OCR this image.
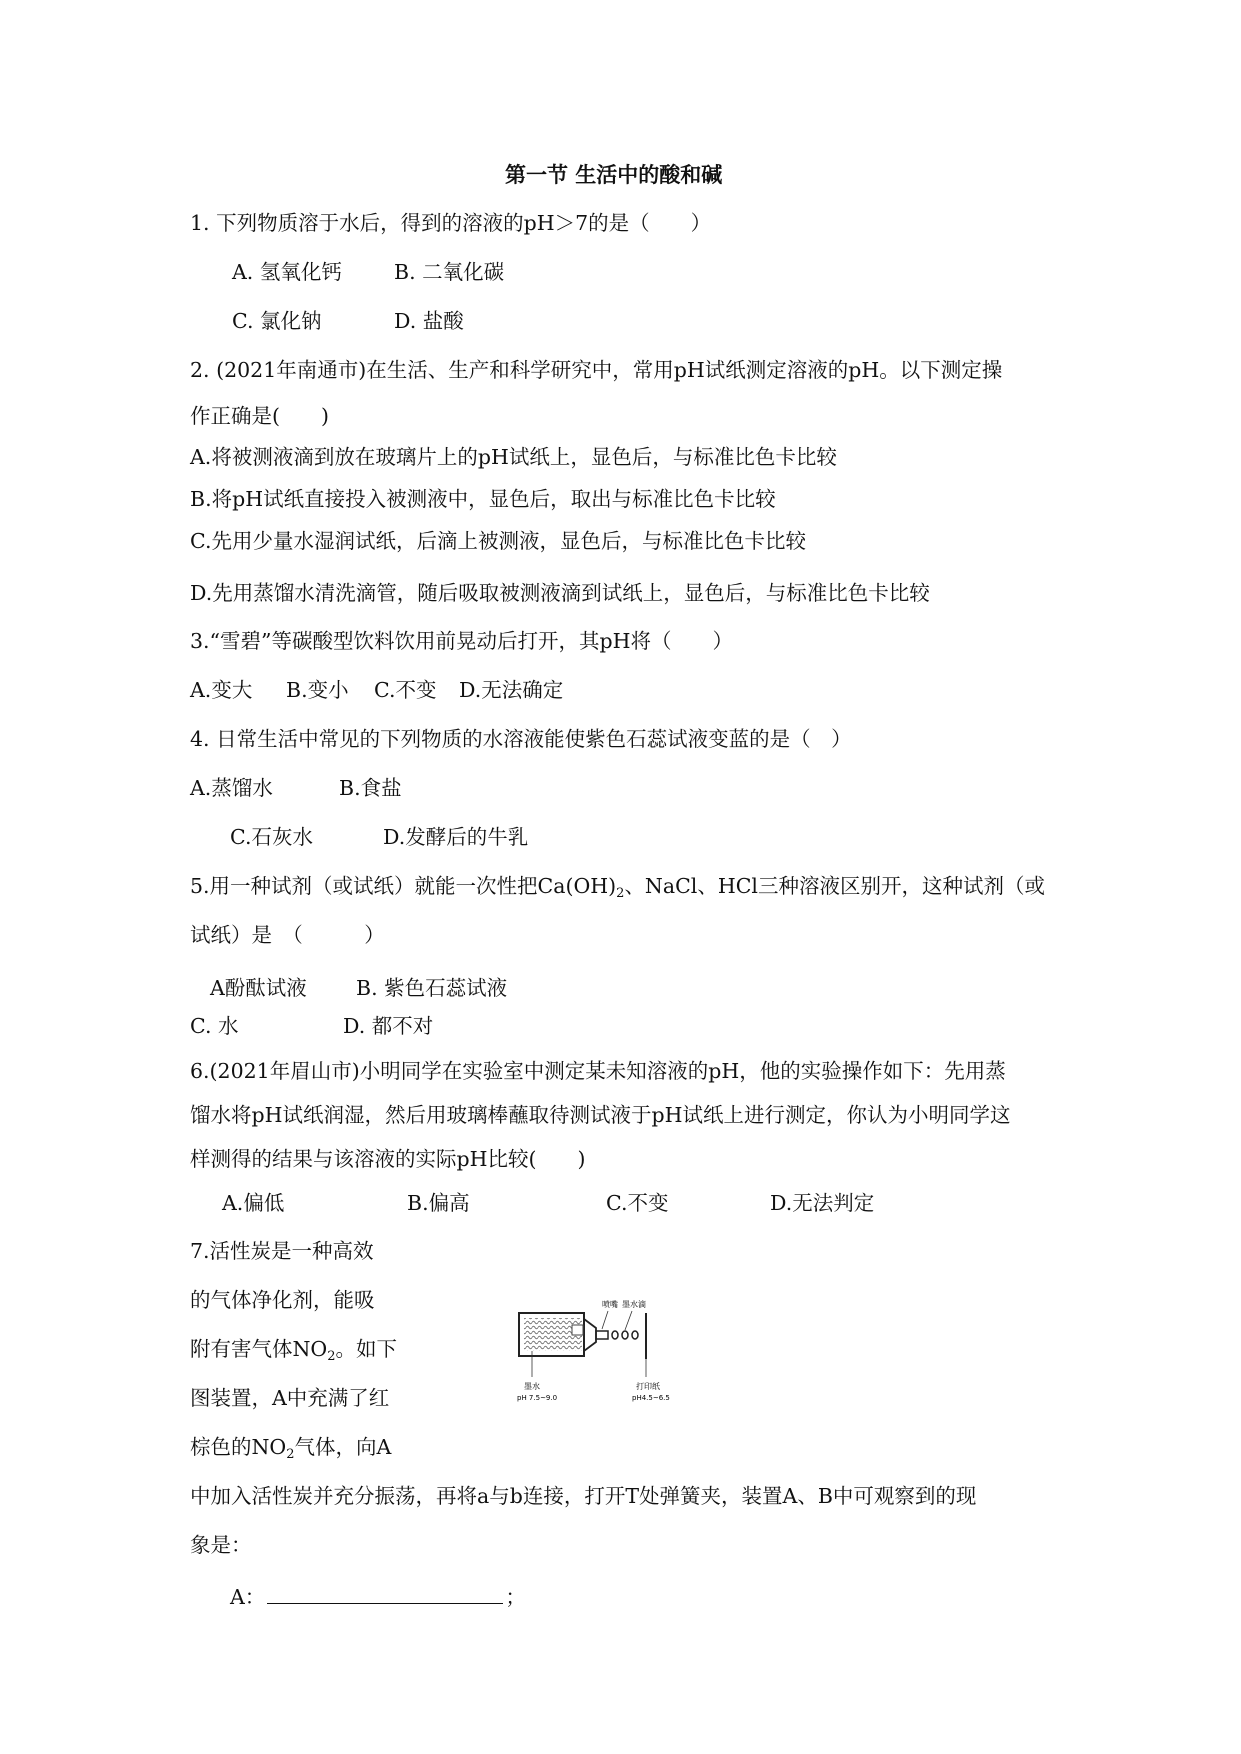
第一节 生活中的酸和碱
1. 下列物质溶于水后，得到的溶液的pH＞7的是（　　）
A. 氢氧化钙	B. 二氧化碳
C. 氯化钠	D. 盐酸
2. (2021年南通市)在生活、生产和科学研究中，常用pH试纸测定溶液的pH。以下测定操
作正确是(　　)
A.将被测液滴到放在玻璃片上的pH试纸上，显色后，与标准比色卡比较
B.将pH试纸直接投入被测液中，显色后，取出与标准比色卡比较
C.先用少量水湿润试纸，后滴上被测液，显色后，与标准比色卡比较
D.先用蒸馏水清洗滴管，随后吸取被测液滴到试纸上，显色后，与标准比色卡比较
3.“雪碧”等碳酸型饮料饮用前晃动后打开，其pH将（　　）
A.变大 B.变小 C.不变 D.无法确定
4. 日常生活中常见的下列物质的水溶液能使紫色石蕊试液变蓝的是（　）
A.蒸馏水	B.食盐
C.石灰水	D.发酵后的牛乳
5.用一种试剂（或试纸）就能一次性把$Ca(OH)_2$、NaCl、HCl三种溶液区别开，这种试剂（或
试纸）是　（　　　）
A酚酞试液 B. 紫色石蕊试液
C. 水	D. 都不对
6.(2021年眉山市)小明同学在实验室中测定某未知溶液的pH，他的实验操作如下：先用蒸
馏水将pH试纸润湿，然后用玻璃棒蘸取待测试液于pH试纸上进行测定，你认为小明同学这
样测得的结果与该溶液的实际pH比较(　　)
A.偏低	B.偏高	C.不变	D.无法判定
7.活性炭是一种高效
的气体净化剂，能吸
附有害气体$NO_2$。如下
图装置，A中充满了红
棕色的$NO_2$气体，向A
中加入活性炭并充分振荡，再将a与b连接，打开T处弹簧夹，装置A、B中可观察到的现
象是：
A：	；
喷嘴 墨水滴
墨水
pH 7.5~9.0
打印纸
pH4.5~6.5
